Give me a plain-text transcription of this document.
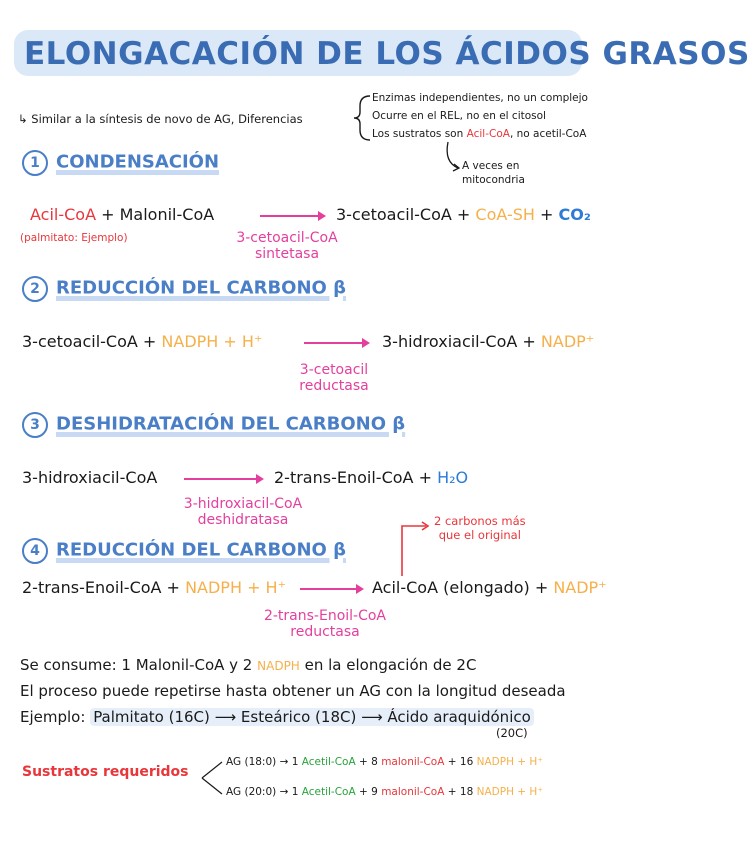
ELONGACACIÓN DE LOS ÁCIDOS GRASOS
↳ Similar a la síntesis de novo de AG, Diferencias
Enzimas independientes, no un complejo
Ocurre en el REL, no en el citosol
Los sustratos son Acil-CoA, no acetil-CoA
A veces en
mitocondria
1 CONDENSACIÓN
Acil-CoA + Malonil-CoA	3-cetoacil-CoA + CoA-SH + CO₂
(palmitato: Ejemplo)	3-cetoacil-CoA
sintetasa
2 REDUCCIÓN DEL CARBONO β
3-cetoacil-CoA + NADPH + H⁺	3-hidroxiacil-CoA + NADP⁺
3-cetoacil
reductasa
3 DESHIDRATACIÓN DEL CARBONO β
3-hidroxiacil-CoA	2-trans-Enoil-CoA + H₂O
3-hidroxiacil-CoA
deshidratasa
4 REDUCCIÓN DEL CARBONO β
2 carbonos más
que el original
2-trans-Enoil-CoA + NADPH + H⁺	Acil-CoA (elongado) + NADP⁺
2-trans-Enoil-CoA
reductasa
Se consume: 1 Malonil-CoA y 2 NADPH en la elongación de 2C
El proceso puede repetirse hasta obtener un AG con la longitud deseada
Ejemplo: Palmitato (16C) ⟶ Esteárico (18C) ⟶ Ácido araquidónico
(20C)
Sustratos requeridos
AG (18:0) → 1 Acetil-CoA + 8 malonil-CoA + 16 NADPH + H⁺
AG (20:0) → 1 Acetil-CoA + 9 malonil-CoA + 18 NADPH + H⁺
